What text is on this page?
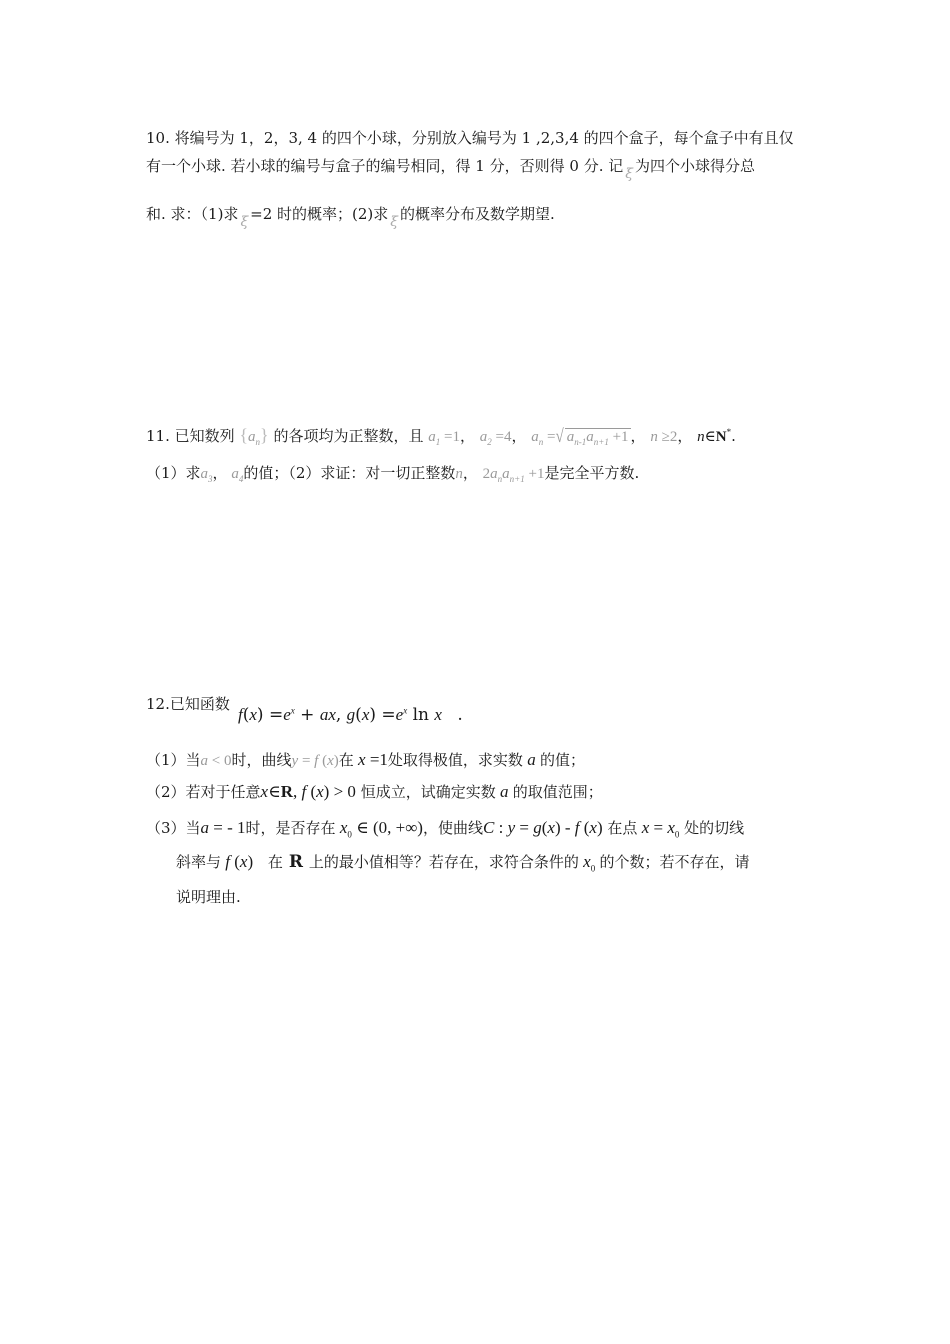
10. 将编号为 1，2，3, 4 的四个小球，分别放入编号为 1 ,2,3,4 的四个盒子，每个盒子中有且仅
有一个小球. 若小球的编号与盒子的编号相同，得 1 分，否则得 0 分. 记 ξ 为四个小球得分总
和. 求：（1)求 ξ =2 时的概率；(2)求 ξ 的概率分布及数学期望.
11. 已知数列 $\{a_n\}$ 的各项均为正整数，且 $a_1 =1$， $a_2 =4$， $a_n$ =√ $a_{n-1}a_{n+1} +1$ ， n ≥2， n∈N*.
（1）求$a_3$， $a_4$的值；（2）求证：对一切正整数n， $2a_na_{n+1} +1$是完全平方数.
12.已知函数
$f(x) =e^x$ + ax, $g(x) =e^x$ ln x .
（1）当a < 0时，曲线y = f (x)在 x =1处取得极值，求实数 a 的值；
（2）若对于任意x∈R, f (x) > 0 恒成立，试确定实数 a 的取值范围；
（3）当a = - 1时，是否存在 $x_0$ ∈ (0, +∞)，使曲线C : y = g(x) - f (x) 在点 $x = x_0$ 处的切线
斜率与 f (x) 在 R 上的最小值相等？若存在，求符合条件的 $x_0$ 的个数；若不存在，请
说明理由.
